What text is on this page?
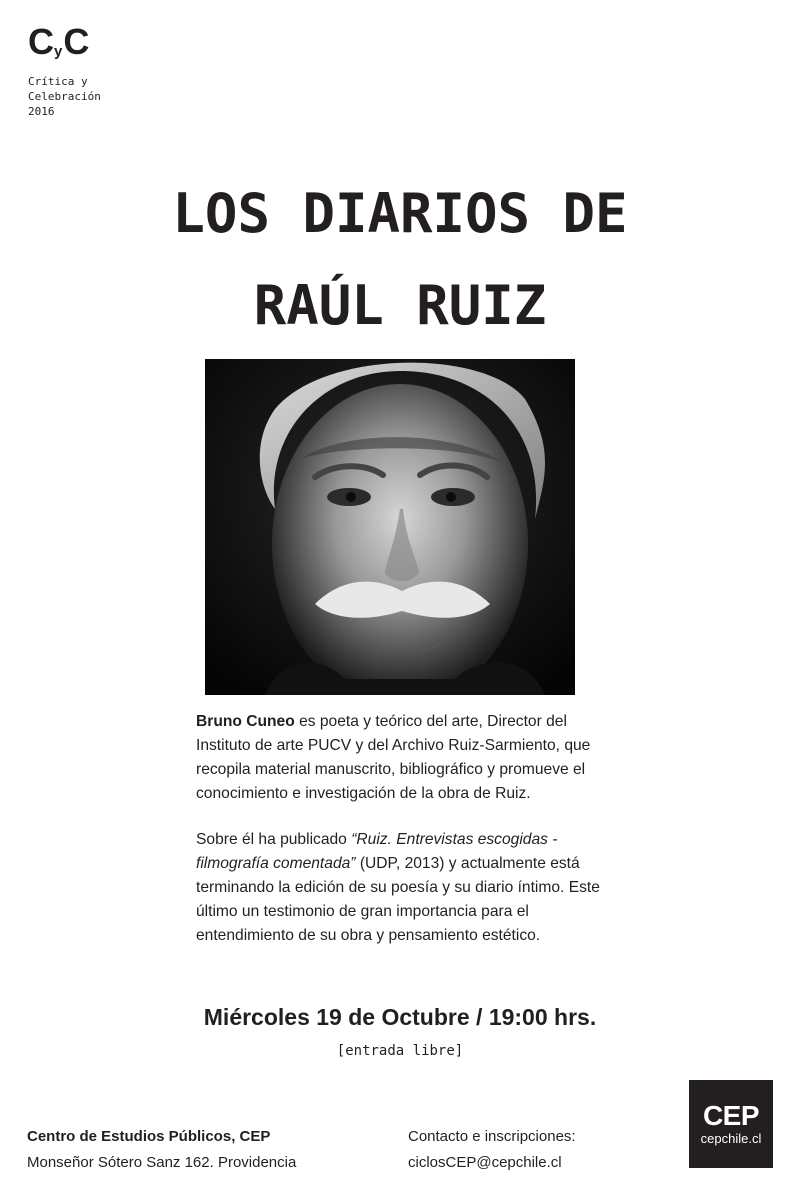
CyC
Crítica y
Celebración
2016
LOS DIARIOS DE
RAÚL RUIZ

Bruno Cuneo es poeta y teórico del arte, Director del Instituto de arte PUCV y del Archivo Ruiz-Sarmiento, que recopila material manuscrito, bibliográfico y promueve el conocimiento e investigación de la obra de Ruiz.

Sobre él ha publicado “Ruiz. Entrevistas escogidas - filmografía comentada” (UDP, 2013) y actualmente está terminando la edición de su poesía y su diario íntimo. Este último un testimonio de gran importancia para el entendimiento de su obra y pensamiento estético.

Miércoles 19 de Octubre / 19:00 hrs.
[entrada libre]
Centro de Estudios Públicos, CEP
Monseñor Sótero Sanz 162. Providencia
Contacto e inscripciones:
ciclosCEP@cepchile.cl
CEP
cepchile.cl
